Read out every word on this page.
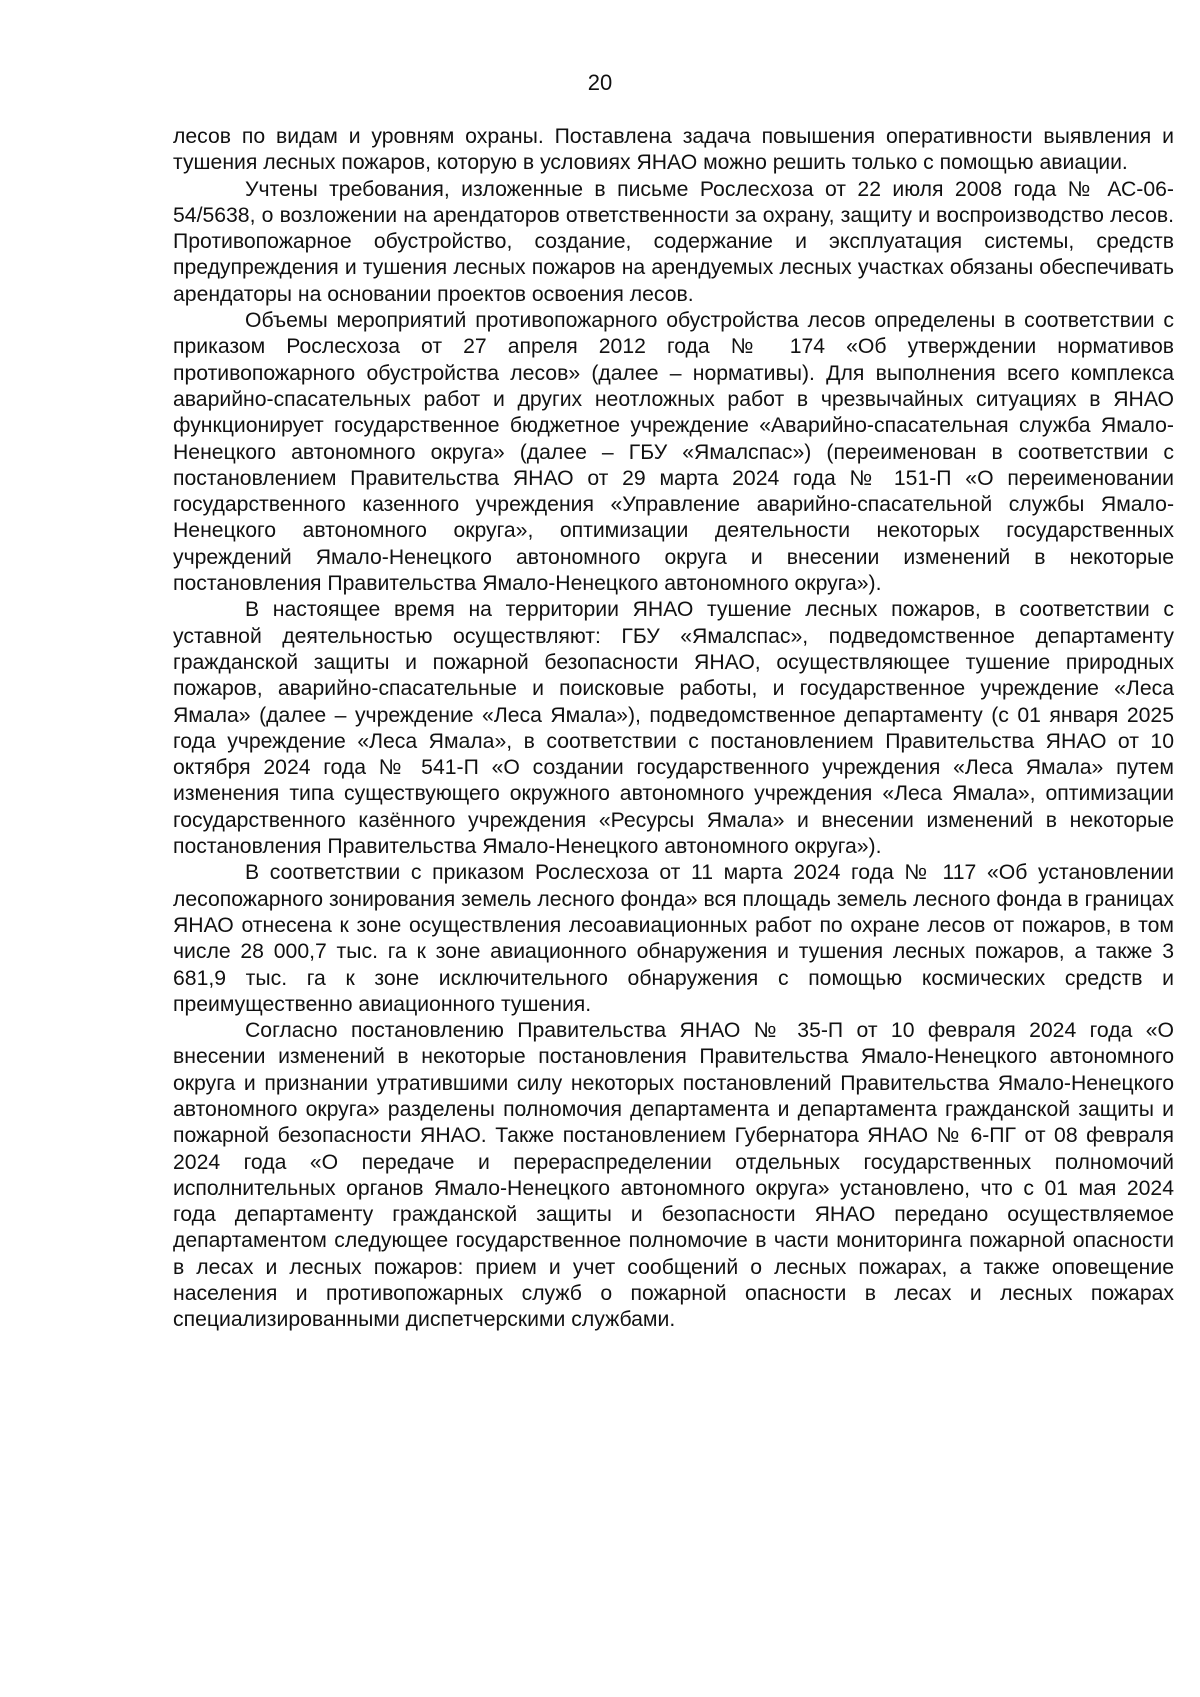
20

лесов по видам и уровням охраны. Поставлена задача повышения оперативности выявления и тушения лесных пожаров, которую в условиях ЯНАО можно решить только с помощью авиации.

Учтены требования, изложенные в письме Рослесхоза от 22 июля 2008 года № АС-06-54/5638, о возложении на арендаторов ответственности за охрану, защиту и воспроизводство лесов. Противопожарное обустройство, создание, содержание и эксплуатация системы, средств предупреждения и тушения лесных пожаров на арендуемых лесных участках обязаны обеспечивать арендаторы на основании проектов освоения лесов.

Объемы мероприятий противопожарного обустройства лесов определены в соответствии с приказом Рослесхоза от 27 апреля 2012 года № 174 «Об утверждении нормативов противопожарного обустройства лесов» (далее – нормативы). Для выполнения всего комплекса аварийно-спасательных работ и других неотложных работ в чрезвычайных ситуациях в ЯНАО функционирует государственное бюджетное учреждение «Аварийно-спасательная служба Ямало-Ненецкого автономного округа» (далее – ГБУ «Ямалспас») (переименован в соответствии с постановлением Правительства ЯНАО от 29 марта 2024 года № 151-П «О переименовании государственного казенного учреждения «Управление аварийно-спасательной службы Ямало-Ненецкого автономного округа», оптимизации деятельности некоторых государственных учреждений Ямало-Ненецкого автономного округа и внесении изменений в некоторые постановления Правительства Ямало-Ненецкого автономного округа»).

В настоящее время на территории ЯНАО тушение лесных пожаров, в соответствии с уставной деятельностью осуществляют: ГБУ «Ямалспас», подведомственное департаменту гражданской защиты и пожарной безопасности ЯНАО, осуществляющее тушение природных пожаров, аварийно-спасательные и поисковые работы, и государственное учреждение «Леса Ямала» (далее – учреждение «Леса Ямала»), подведомственное департаменту (с 01 января 2025 года учреждение «Леса Ямала», в соответствии с постановлением Правительства ЯНАО от 10 октября 2024 года № 541-П «О создании государственного учреждения «Леса Ямала» путем изменения типа существующего окружного автономного учреждения «Леса Ямала», оптимизации государственного казённого учреждения «Ресурсы Ямала» и внесении изменений в некоторые постановления Правительства Ямало-Ненецкого автономного округа»).

В соответствии с приказом Рослесхоза от 11 марта 2024 года № 117 «Об установлении лесопожарного зонирования земель лесного фонда» вся площадь земель лесного фонда в границах ЯНАО отнесена к зоне осуществления лесоавиационных работ по охране лесов от пожаров, в том числе 28 000,7 тыс. га к зоне авиационного обнаружения и тушения лесных пожаров, а также 3 681,9 тыс. га к зоне исключительного обнаружения с помощью космических средств и преимущественно авиационного тушения.

Согласно постановлению Правительства ЯНАО № 35-П от 10 февраля 2024 года «О внесении изменений в некоторые постановления Правительства Ямало-Ненецкого автономного округа и признании утратившими силу некоторых постановлений Правительства Ямало-Ненецкого автономного округа» разделены полномочия департамента и департамента гражданской защиты и пожарной безопасности ЯНАО. Также постановлением Губернатора ЯНАО № 6-ПГ от 08 февраля 2024 года «О передаче и перераспределении отдельных государственных полномочий исполнительных органов Ямало-Ненецкого автономного округа» установлено, что с 01 мая 2024 года департаменту гражданской защиты и безопасности ЯНАО передано осуществляемое департаментом следующее государственное полномочие в части мониторинга пожарной опасности в лесах и лесных пожаров: прием и учет сообщений о лесных пожарах, а также оповещение населения и противопожарных служб о пожарной опасности в лесах и лесных пожарах специализированными диспетчерскими службами.
